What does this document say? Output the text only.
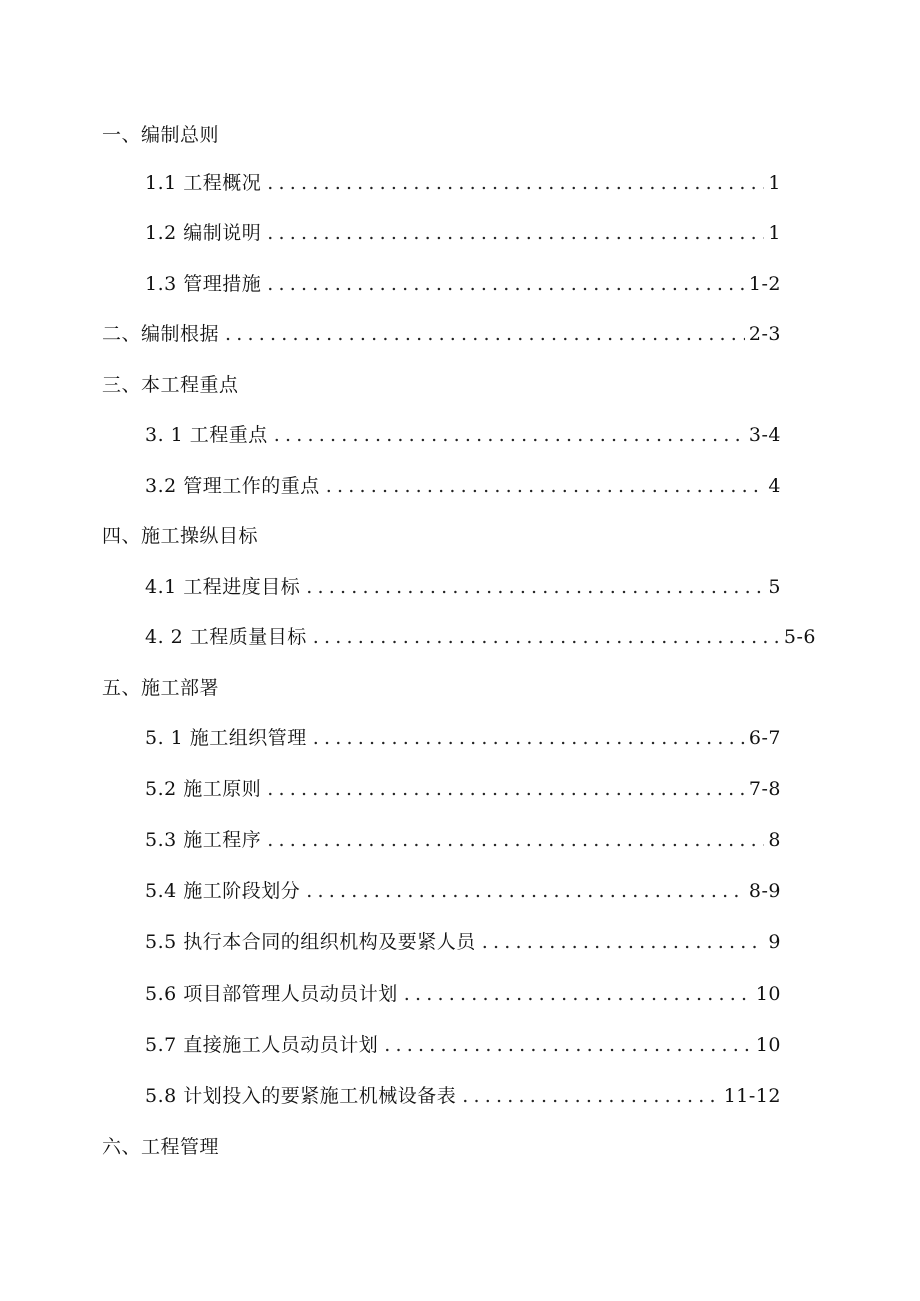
一、编制总则
1.1 工程概况 .....	1
1.2 编制说明 .....	1
1.3 管理措施 .....	1-2
二、编制根据 .....	2-3
三、本工程重点
3. 1 工程重点 .....	3-4
3.2 管理工作的重点 .....	4
四、施工操纵目标
4.1 工程进度目标 .....	5
4. 2 工程质量目标 .....	5-6
五、施工部署
5. 1 施工组织管理 .....	6-7
5.2 施工原则 .....	7-8
5.3 施工程序 .....	8
5.4 施工阶段划分 .....	8-9
5.5 执行本合同的组织机构及要紧人员 .....	9
5.6 项目部管理人员动员计划 .....	10
5.7 直接施工人员动员计划 .....	10
5.8 计划投入的要紧施工机械设备表 .....	11-12
六、工程管理
